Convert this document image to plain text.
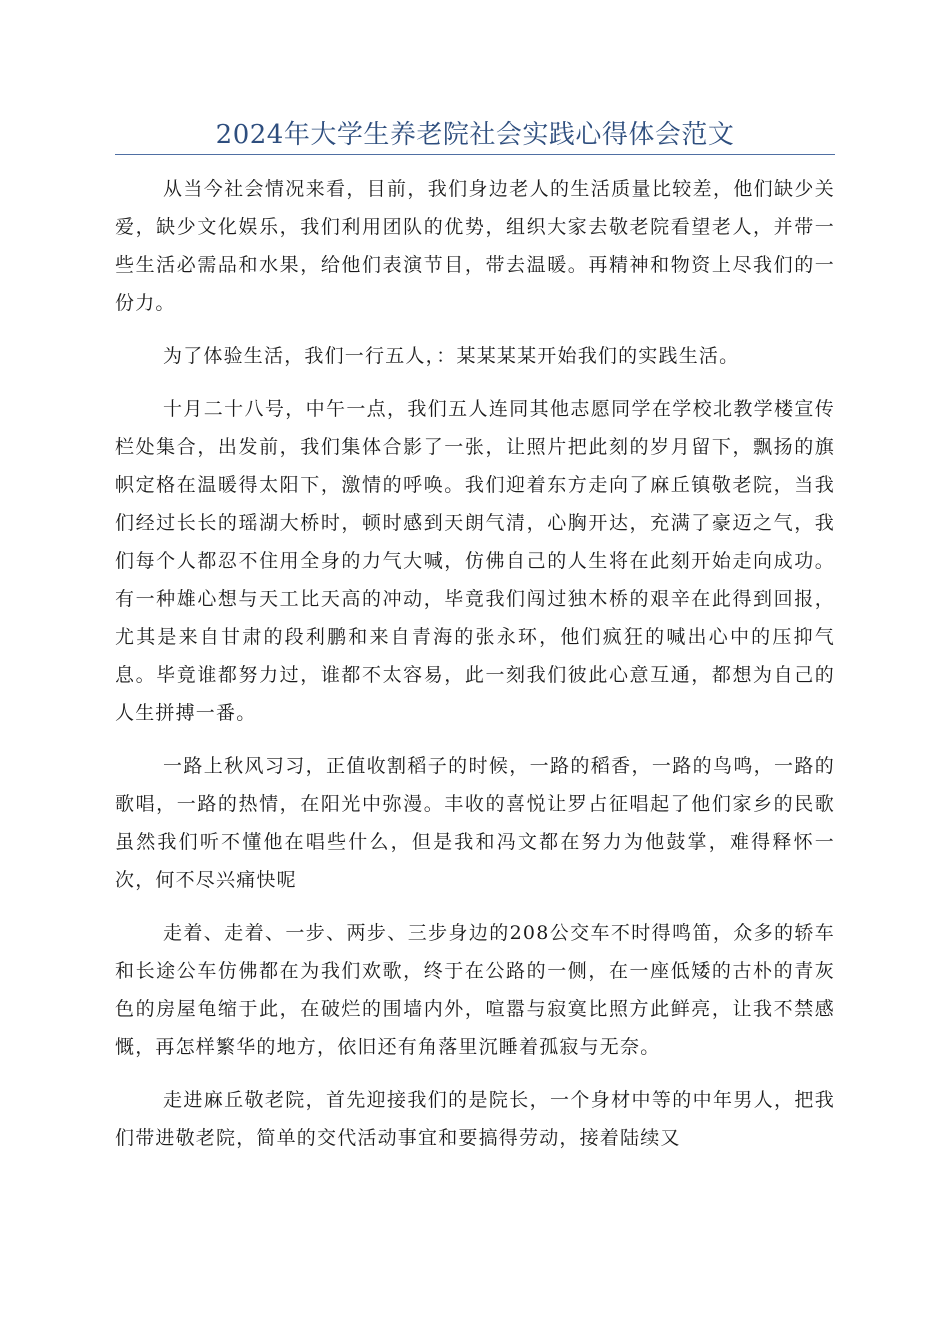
2024年大学生养老院社会实践心得体会范文

从当今社会情况来看，目前，我们身边老人的生活质量比较差，他们缺少关爱，缺少文化娱乐，我们利用团队的优势，组织大家去敬老院看望老人，并带一些生活必需品和水果，给他们表演节目，带去温暖。再精神和物资上尽我们的一份力。

为了体验生活，我们一行五人，：某某某某开始我们的实践生活。

十月二十八号，中午一点，我们五人连同其他志愿同学在学校北教学楼宣传栏处集合，出发前，我们集体合影了一张，让照片把此刻的岁月留下，飘扬的旗帜定格在温暖得太阳下，激情的呼唤。我们迎着东方走向了麻丘镇敬老院，当我们经过长长的瑶湖大桥时，顿时感到天朗气清，心胸开达，充满了豪迈之气，我们每个人都忍不住用全身的力气大喊，仿佛自己的人生将在此刻开始走向成功。有一种雄心想与天工比天高的冲动，毕竟我们闯过独木桥的艰辛在此得到回报，尤其是来自甘肃的段利鹏和来自青海的张永环，他们疯狂的喊出心中的压抑气息。毕竟谁都努力过，谁都不太容易，此一刻我们彼此心意互通，都想为自己的人生拼搏一番。

一路上秋风习习，正值收割稻子的时候，一路的稻香，一路的鸟鸣，一路的歌唱，一路的热情，在阳光中弥漫。丰收的喜悦让罗占征唱起了他们家乡的民歌虽然我们听不懂他在唱些什么，但是我和冯文都在努力为他鼓掌，难得释怀一次，何不尽兴痛快呢

走着、走着、一步、两步、三步身边的208公交车不时得鸣笛，众多的轿车和长途公车仿佛都在为我们欢歌，终于在公路的一侧，在一座低矮的古朴的青灰色的房屋龟缩于此，在破烂的围墙内外，喧嚣与寂寞比照方此鲜亮，让我不禁感慨，再怎样繁华的地方，依旧还有角落里沉睡着孤寂与无奈。

走进麻丘敬老院，首先迎接我们的是院长，一个身材中等的中年男人，把我们带进敬老院，简单的交代活动事宜和要搞得劳动，接着陆续又
